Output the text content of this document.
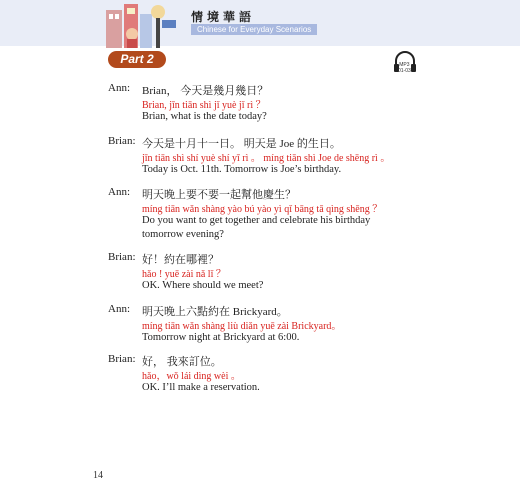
情境華語
Chinese for Everyday Scenarios
Part 2	MP3
01-03
Ann: Brian， 今天是幾月幾日？
Brian, jīn tiān shì jǐ yuè jǐ rì ？
Brian, what is the date today?
Brian: 今天是十月十一日。 明天是 Joe 的生日。
jīn tiān shì shí yuè shí yī rì 。 míng tiān shì Joe de shēng rì 。
Today is Oct. 11th. Tomorrow is Joe’s birthday.
Ann: 明天晚上要不要一起幫他慶生？
míng tiān wǎn shàng yào bú yào yì qǐ bāng tā qìng shēng ？
Do you want to get together and celebrate his birthday
tomorrow evening?
Brian: 好！約在哪裡？
hǎo ! yuē zài nǎ lǐ ？
OK. Where should we meet?
Ann: 明天晚上六點約在 Brickyard。
míng tiān wǎn shàng liù diǎn yuē zài Brickyard。
Tomorrow night at Brickyard at 6:00.
Brian: 好， 我來訂位。
hǎo，wǒ lái dìng wèi 。
OK. I’ll make a reservation.
14
